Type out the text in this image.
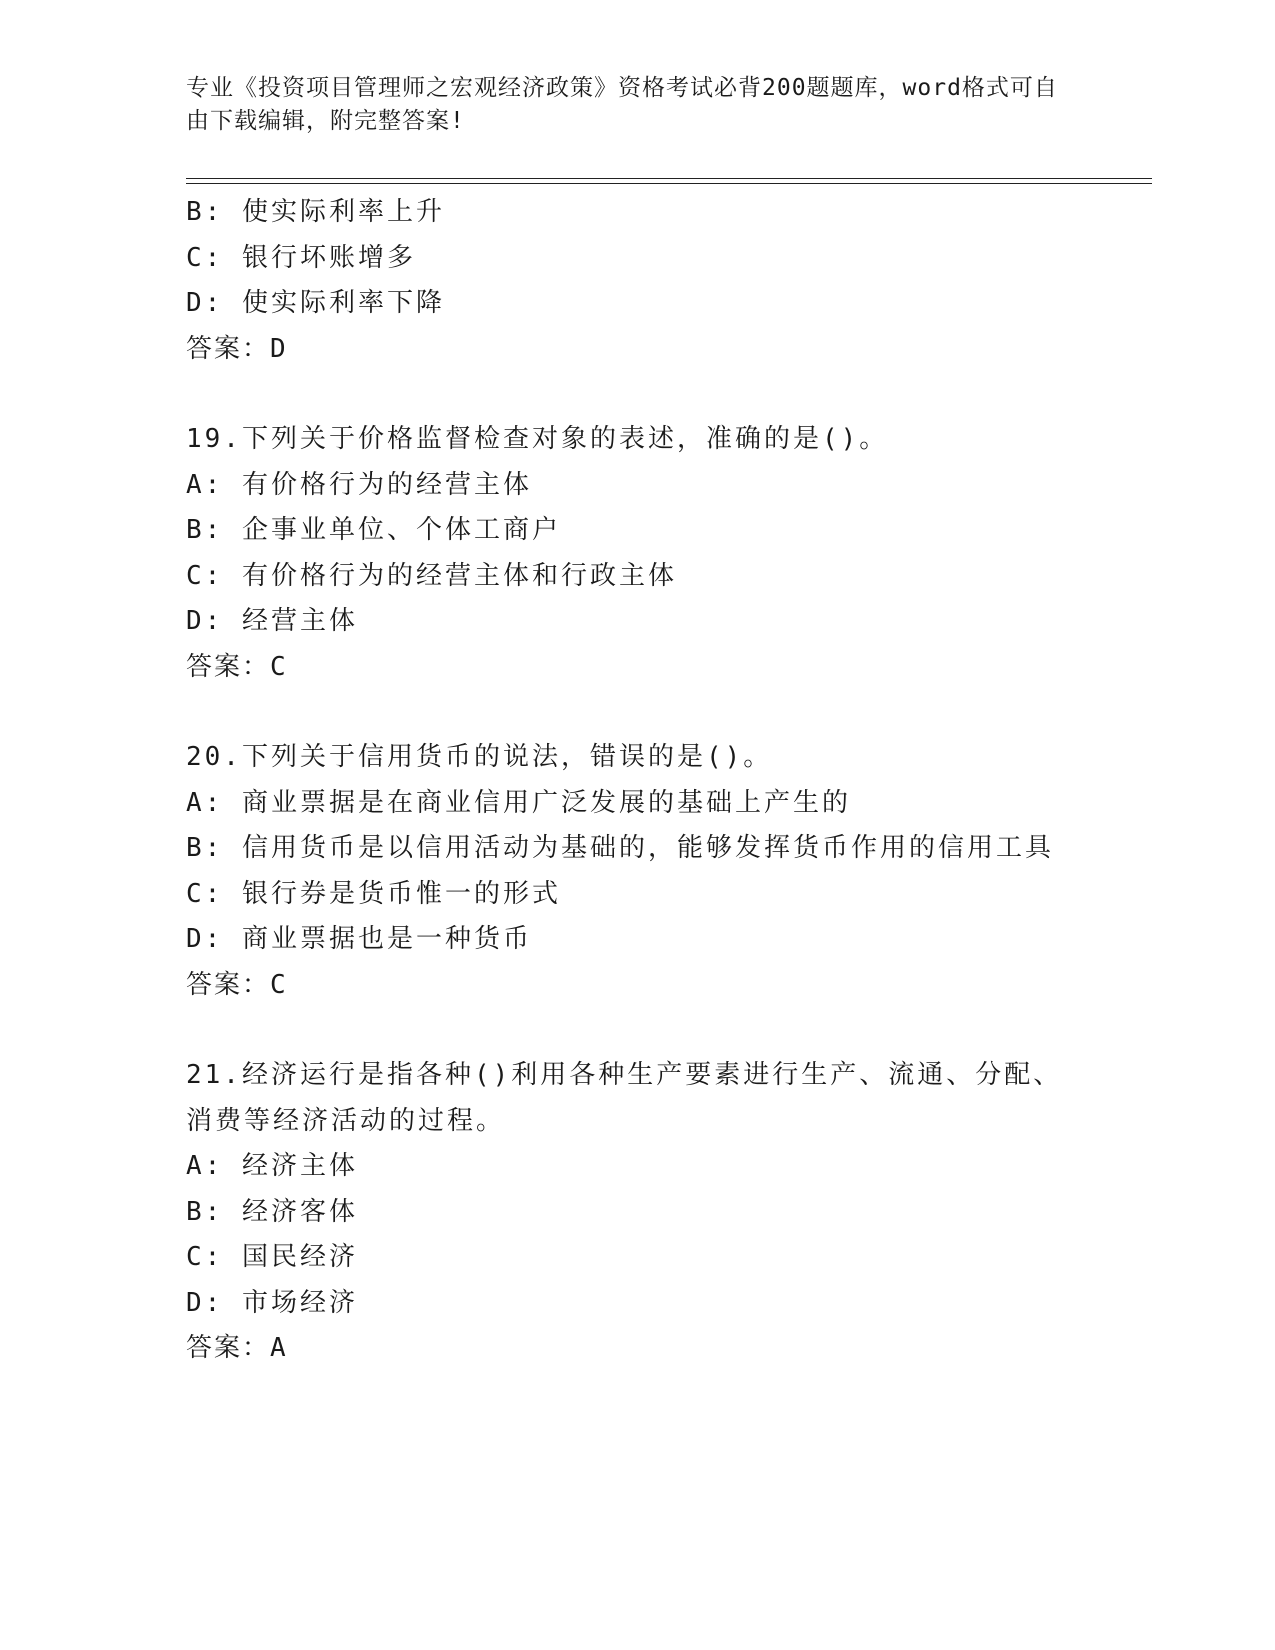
专业《投资项目管理师之宏观经济政策》资格考试必背200题题库，word格式可自由下载编辑，附完整答案!
B: 使实际利率上升
C: 银行坏账增多
D: 使实际利率下降
答案：D
19.下列关于价格监督检查对象的表述，准确的是()。
A: 有价格行为的经营主体
B: 企事业单位、个体工商户
C: 有价格行为的经营主体和行政主体
D: 经营主体
答案：C
20.下列关于信用货币的说法，错误的是()。
A: 商业票据是在商业信用广泛发展的基础上产生的
B: 信用货币是以信用活动为基础的，能够发挥货币作用的信用工具
C: 银行券是货币惟一的形式
D: 商业票据也是一种货币
答案：C
21.经济运行是指各种()利用各种生产要素进行生产、流通、分配、消费等经济活动的过程。
A: 经济主体
B: 经济客体
C: 国民经济
D: 市场经济
答案：A
